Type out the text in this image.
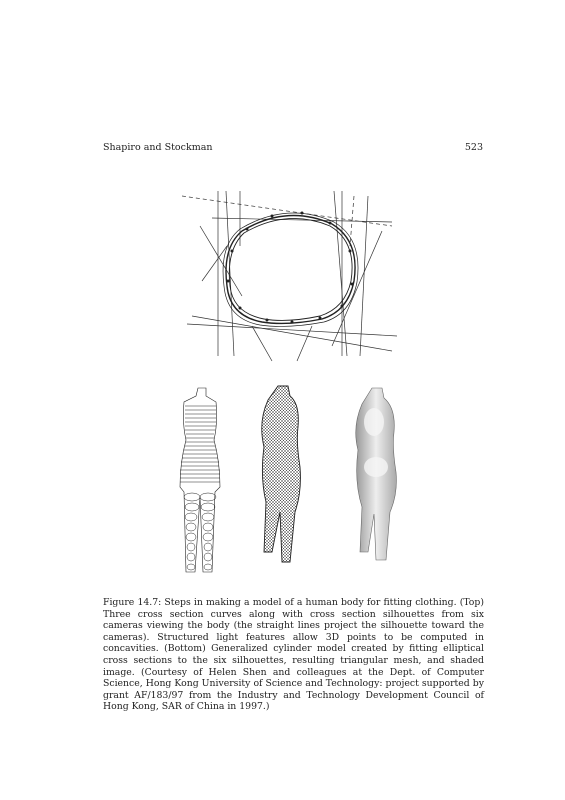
Shapiro and Stockman	523
Figure 14.7: Steps in making a model of a human body for fitting clothing. (Top) Three cross section curves along with cross section silhouettes from six cameras viewing the body (the straight lines project the silhouette toward the cameras). Structured light features allow 3D points to be computed in concavities. (Bottom) Generalized cylinder model created by fitting elliptical cross sections to the six silhouettes, resulting triangular mesh, and shaded image. (Courtesy of Helen Shen and colleagues at the Dept. of Computer Science, Hong Kong University of Science and Technology: project supported by grant AF/183/97 from the Industry and Technology Development Council of Hong Kong, SAR of China in 1997.)
